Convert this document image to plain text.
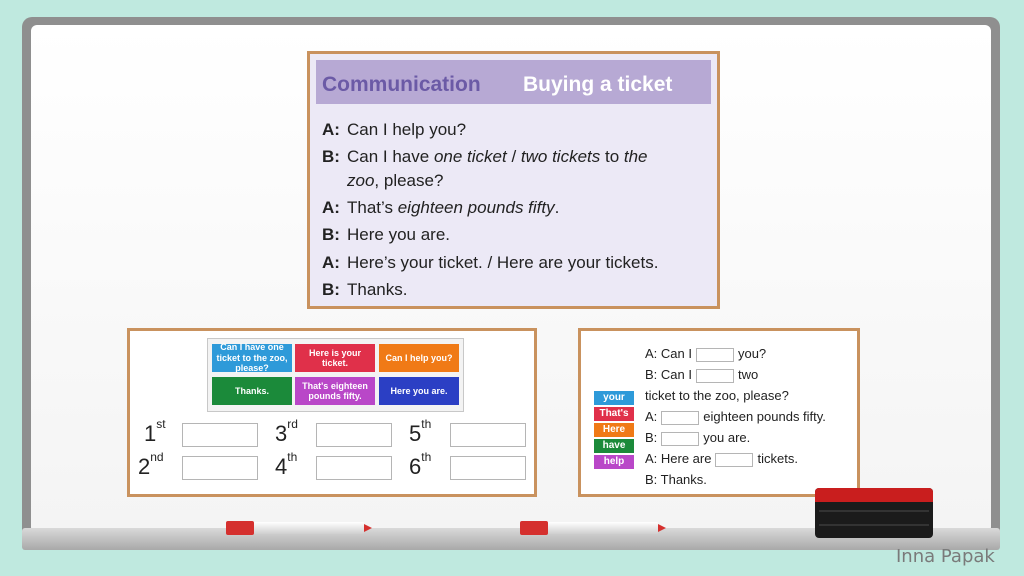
Communication Buying a ticket
A: Can I help you?
B: Can I have one ticket / two tickets to the
zoo, please?
A: That’s eighteen pounds fifty.
B: Here you are.
A: Here’s your ticket. / Here are your tickets.
B: Thanks.
Can I have one ticket to the zoo, please?
Here is your ticket.
Can I help you?
Thanks.
That's eighteen pounds fifty.
Here you are.
1st	3rd	5th
2nd	4th	6th
your
That's
Here
have
help
A: Can I	you?
B: Can I	two
ticket to the zoo, please?
A:	eighteen pounds fifty.
B:	you are.
A: Here are	tickets.
B: Thanks.
Inna Papak
